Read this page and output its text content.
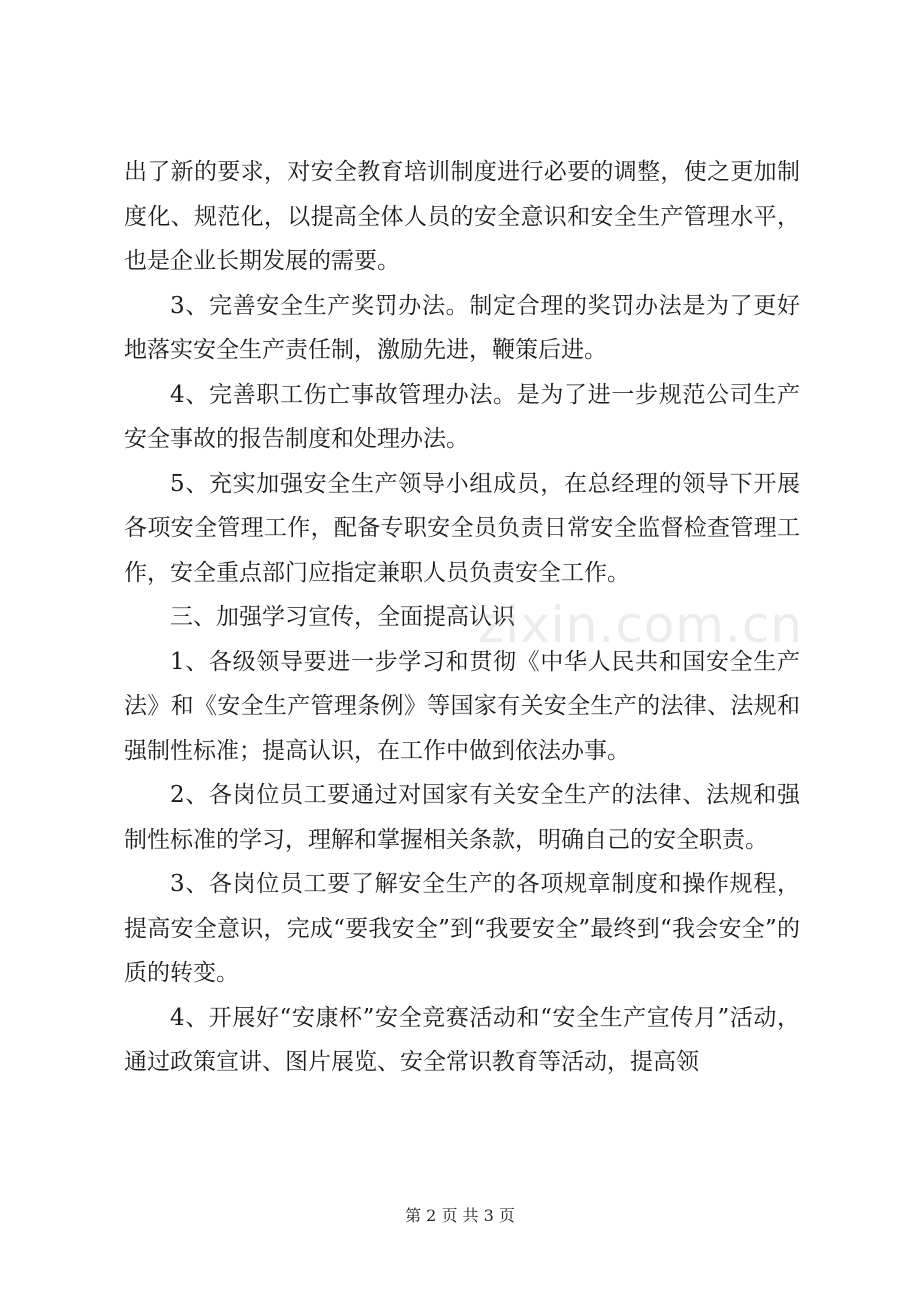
出了新的要求，对安全教育培训制度进行必要的调整，使之更加制度化、规范化，以提高全体人员的安全意识和安全生产管理水平，也是企业长期发展的需要。

3、完善安全生产奖罚办法。制定合理的奖罚办法是为了更好地落实安全生产责任制，激励先进，鞭策后进。

4、完善职工伤亡事故管理办法。是为了进一步规范公司生产安全事故的报告制度和处理办法。

5、充实加强安全生产领导小组成员，在总经理的领导下开展各项安全管理工作，配备专职安全员负责日常安全监督检查管理工作，安全重点部门应指定兼职人员负责安全工作。

三、加强学习宣传，全面提高认识

1、各级领导要进一步学习和贯彻《中华人民共和国安全生产法》和《安全生产管理条例》等国家有关安全生产的法律、法规和强制性标准；提高认识，在工作中做到依法办事。

2、各岗位员工要通过对国家有关安全生产的法律、法规和强制性标准的学习，理解和掌握相关条款，明确自己的安全职责。

3、各岗位员工要了解安全生产的各项规章制度和操作规程，提高安全意识，完成“要我安全”到“我要安全”最终到“我会安全”的质的转变。

4、开展好“安康杯”安全竞赛活动和“安全生产宣传月”活动，通过政策宣讲、图片展览、安全常识教育等活动，提高领

zixin.com.cn
第 2 页 共 3 页
